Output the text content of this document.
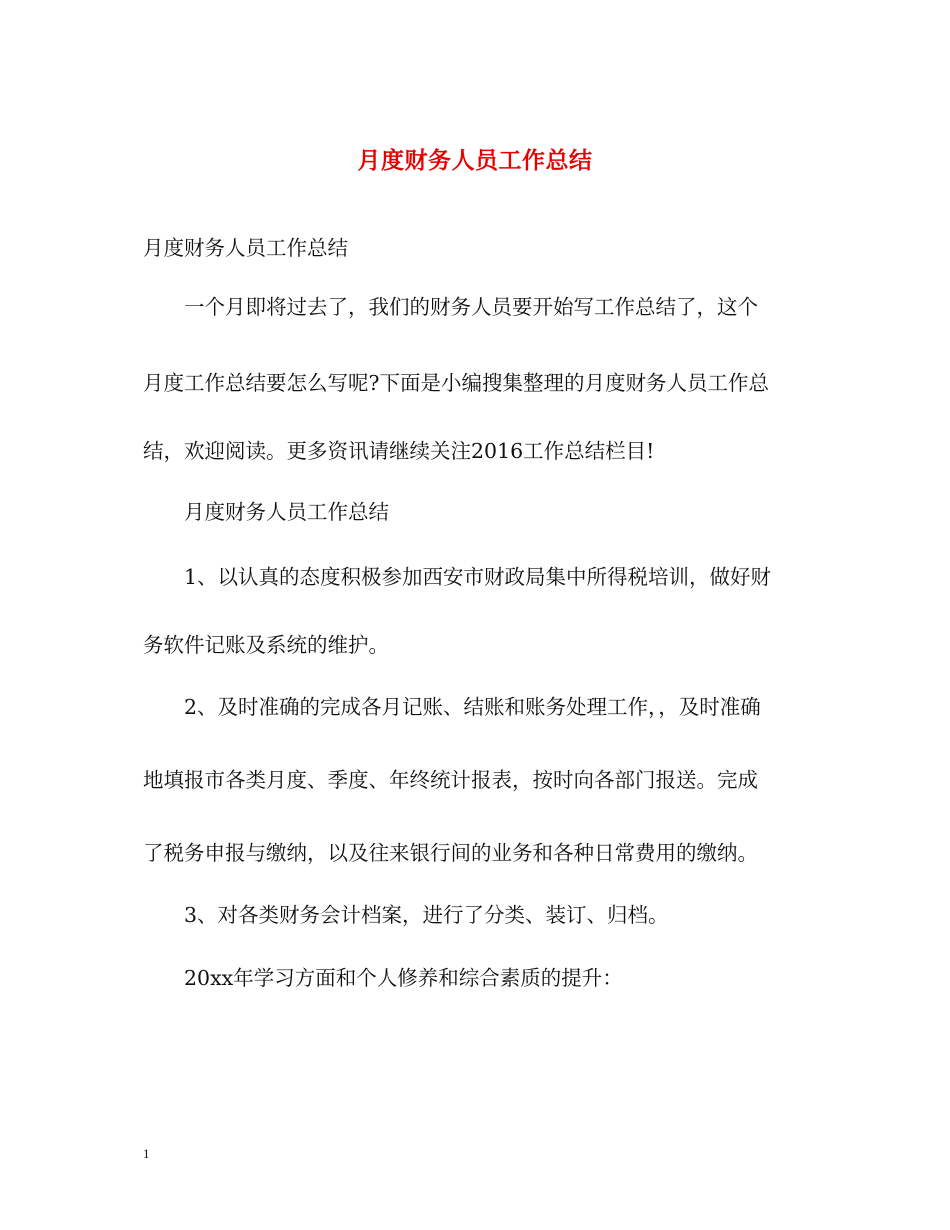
月度财务人员工作总结

月度财务人员工作总结

一个月即将过去了，我们的财务人员要开始写工作总结了，这个

月度工作总结要怎么写呢?下面是小编搜集整理的月度财务人员工作总

结，欢迎阅读。更多资讯请继续关注2016工作总结栏目!

月度财务人员工作总结

1、以认真的态度积极参加西安市财政局集中所得税培训，做好财

务软件记账及系统的维护。

2、及时准确的完成各月记账、结账和账务处理工作，，及时准确

地填报市各类月度、季度、年终统计报表，按时向各部门报送。完成

了税务申报与缴纳，以及往来银行间的业务和各种日常费用的缴纳。

3、对各类财务会计档案，进行了分类、装订、归档。

20xx年学习方面和个人修养和综合素质的提升：

1
